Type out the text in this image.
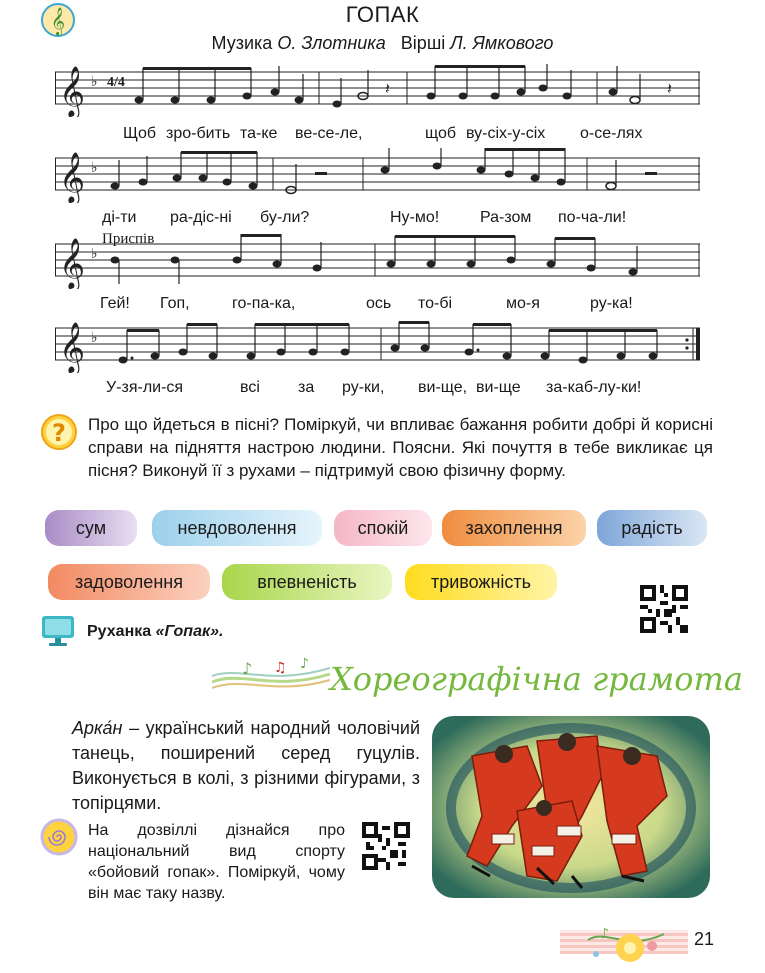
𝄞	ГОПАК
Музика О. Злотника Вірші Л. Ямкового
𝄞 ♭ 4/4	𝄽	𝄽
Щоб зро-бить та-ке ве-се-ле,	щоб ву-сіх-у-сіх о-се-лях
𝄞 ♭
ді-ти ра-діс-ні бу-ли?	Ну-мо!	Ра-зом по-ча-ли!
Приспів
𝄞 ♭
Гей! Гоп,	го-па-ка,	ось то-бі	мо-я	ру-ка!
𝄞 ♭
У-зя-ли-ся	всі за ру-ки, ви-ще, ви-ще за-каб-лу-ки!
? Про що йдеться в пісні? Поміркуй, чи впливає бажання робити добрі й корисні справи на підняття настрою людини. Поясни. Які почуття в тебе викликає ця пісня? Виконуй її з рухами – підтримуй свою фізичну форму.
сум	невдоволення	спокій	захоплення	радість
задоволення	впевненість	тривожність
Руханка «Гопак».
♪ ♫ ♪ Хореографічна грамота
Арка́н – український народний чоловічий танець, поширений серед гуцулів. Виконується в колі, з різними фігурами, з топірцями.
На дозвіллі дізнайся про національний вид спорту «бойовий гопак». Поміркуй, чому він має таку назву.
♪	21
